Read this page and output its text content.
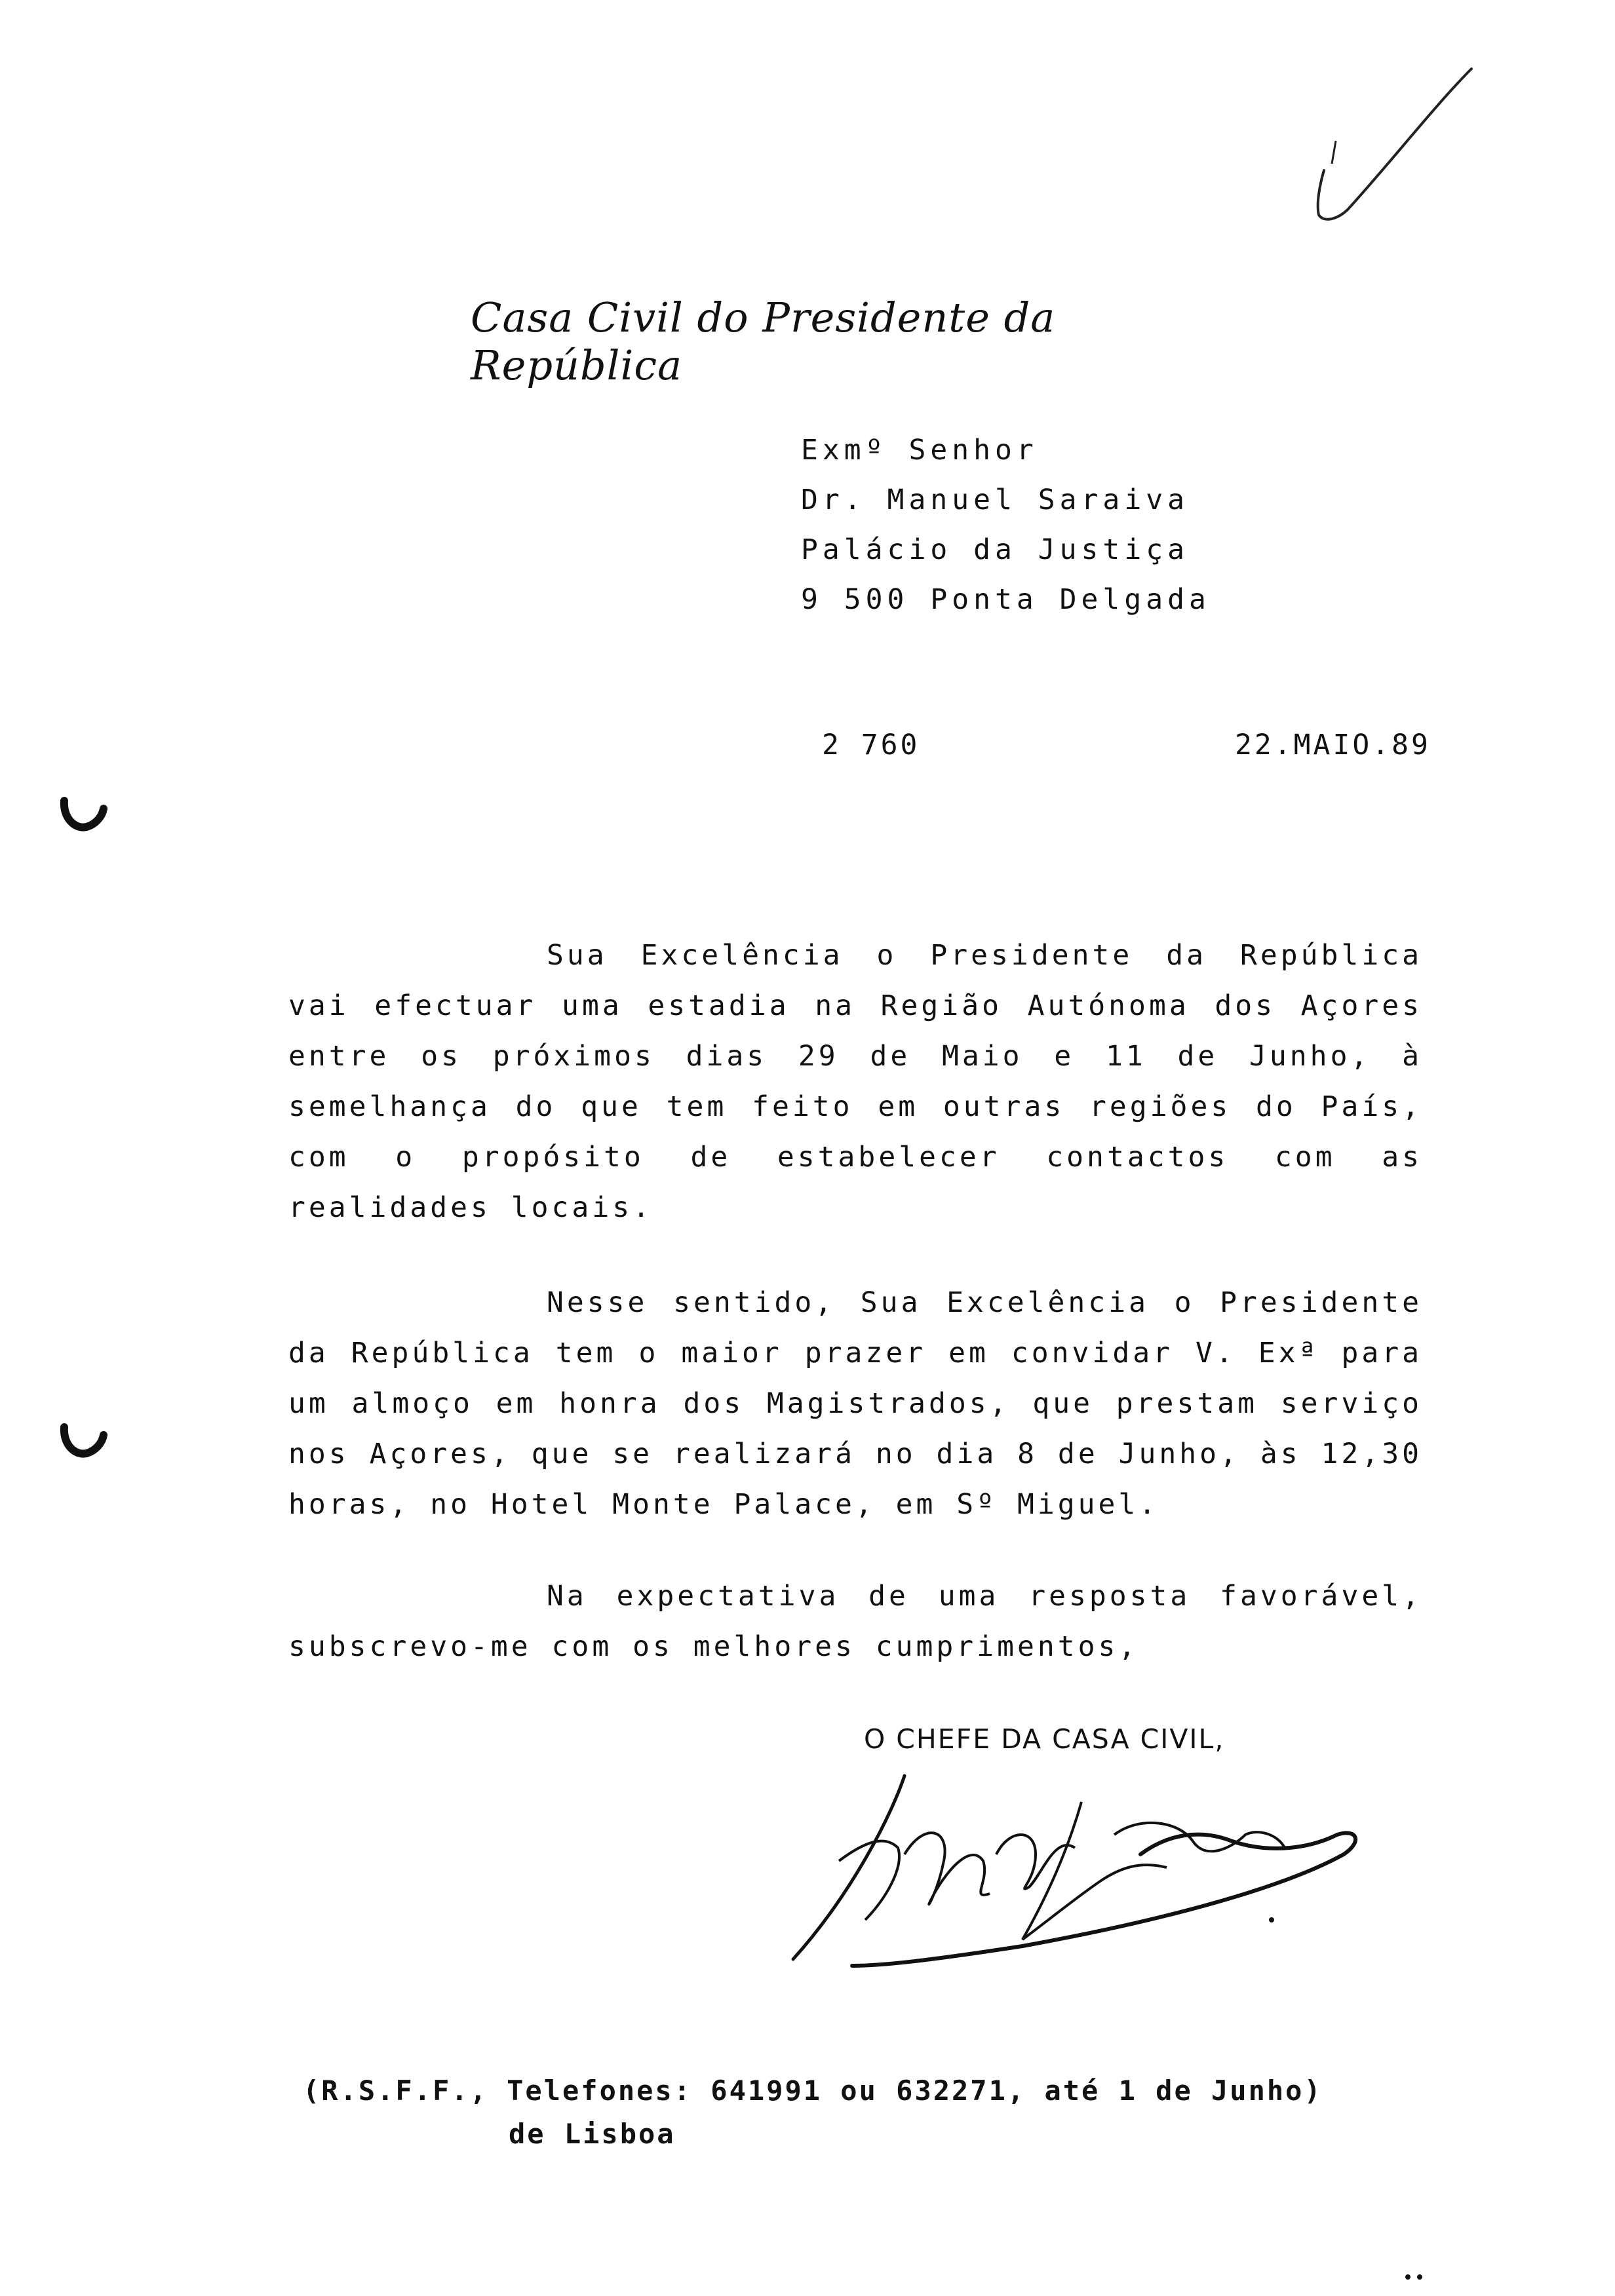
Casa Civil do Presidente da República
Exmº Senhor
Dr. Manuel Saraiva
Palácio da Justiça
9 500 Ponta Delgada
2 760	22.MAIO.89
Sua Excelência o Presidente da República vai efectuar uma estadia na Região Autónoma dos Açores entre os próximos dias 29 de Maio e 11 de Junho, à semelhança do que tem feito em outras regiões do País, com o propósito de estabelecer contactos com as realidades locais.
Nesse sentido, Sua Excelência o Presidente da República tem o maior prazer em convidar V. Exª para um almoço em honra dos Magistrados, que prestam serviço nos Açores, que se realizará no dia 8 de Junho, às 12,30 horas, no Hotel Monte Palace, em Sº Miguel.
Na expectativa de uma resposta favorável, subscrevo-me com os melhores cumprimentos,
O CHEFE DA CASA CIVIL,
(R.S.F.F., Telefones: 641991 ou 632271, até 1 de Junho)
de Lisboa
